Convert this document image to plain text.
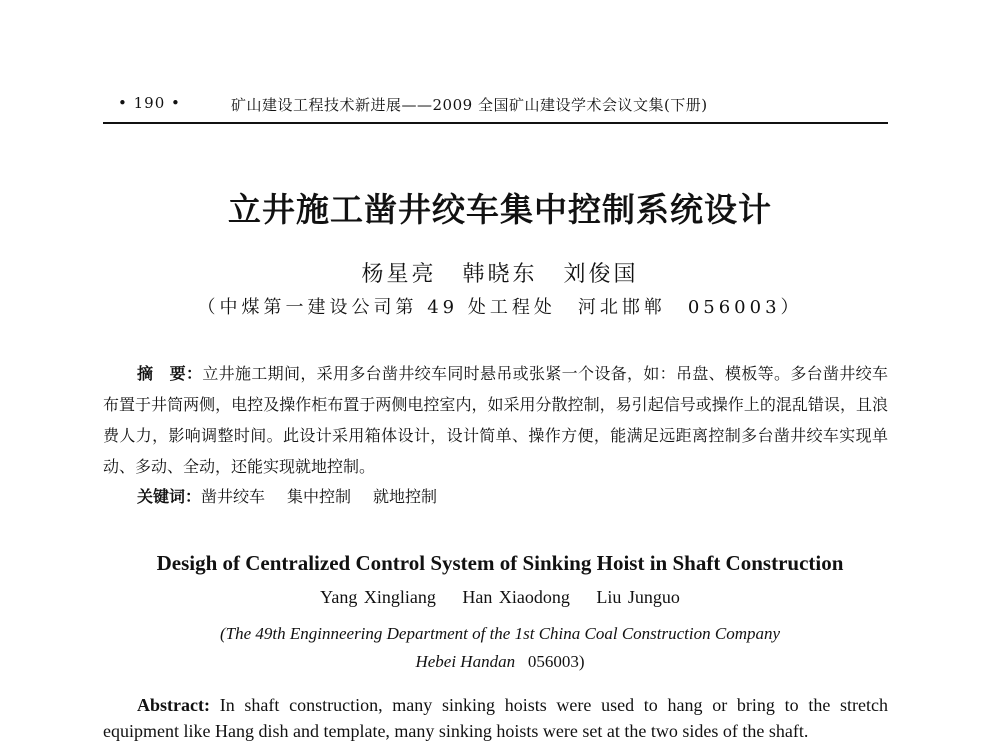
• 190 •	矿山建设工程技术新进展——2009 全国矿山建设学术会议文集(下册)
立井施工凿井绞车集中控制系统设计
杨星亮 韩晓东 刘俊国
（中煤第一建设公司第 49 处工程处　河北邯郸　056003）
摘　要：立井施工期间，采用多台凿井绞车同时悬吊或张紧一个设备，如：吊盘、模板等。多台凿井绞车布置于井筒两侧，电控及操作柜布置于两侧电控室内，如采用分散控制，易引起信号或操作上的混乱错误，且浪费人力，影响调整时间。此设计采用箱体设计，设计简单、操作方便，能满足远距离控制多台凿井绞车实现单动、多动、全动，还能实现就地控制。
关键词：凿井绞车 集中控制 就地控制
Desigh of Centralized Control System of Sinking Hoist in Shaft Construction
Yang Xingliang Han Xiaodong Liu Junguo
(The 49th Enginneering Department of the 1st China Coal Construction Company
Hebei Handan 056003)
Abstract: In shaft construction, many sinking hoists were used to hang or bring to the stretch equipment like Hang dish and template, many sinking hoists were set at the two sides of the shaft.
